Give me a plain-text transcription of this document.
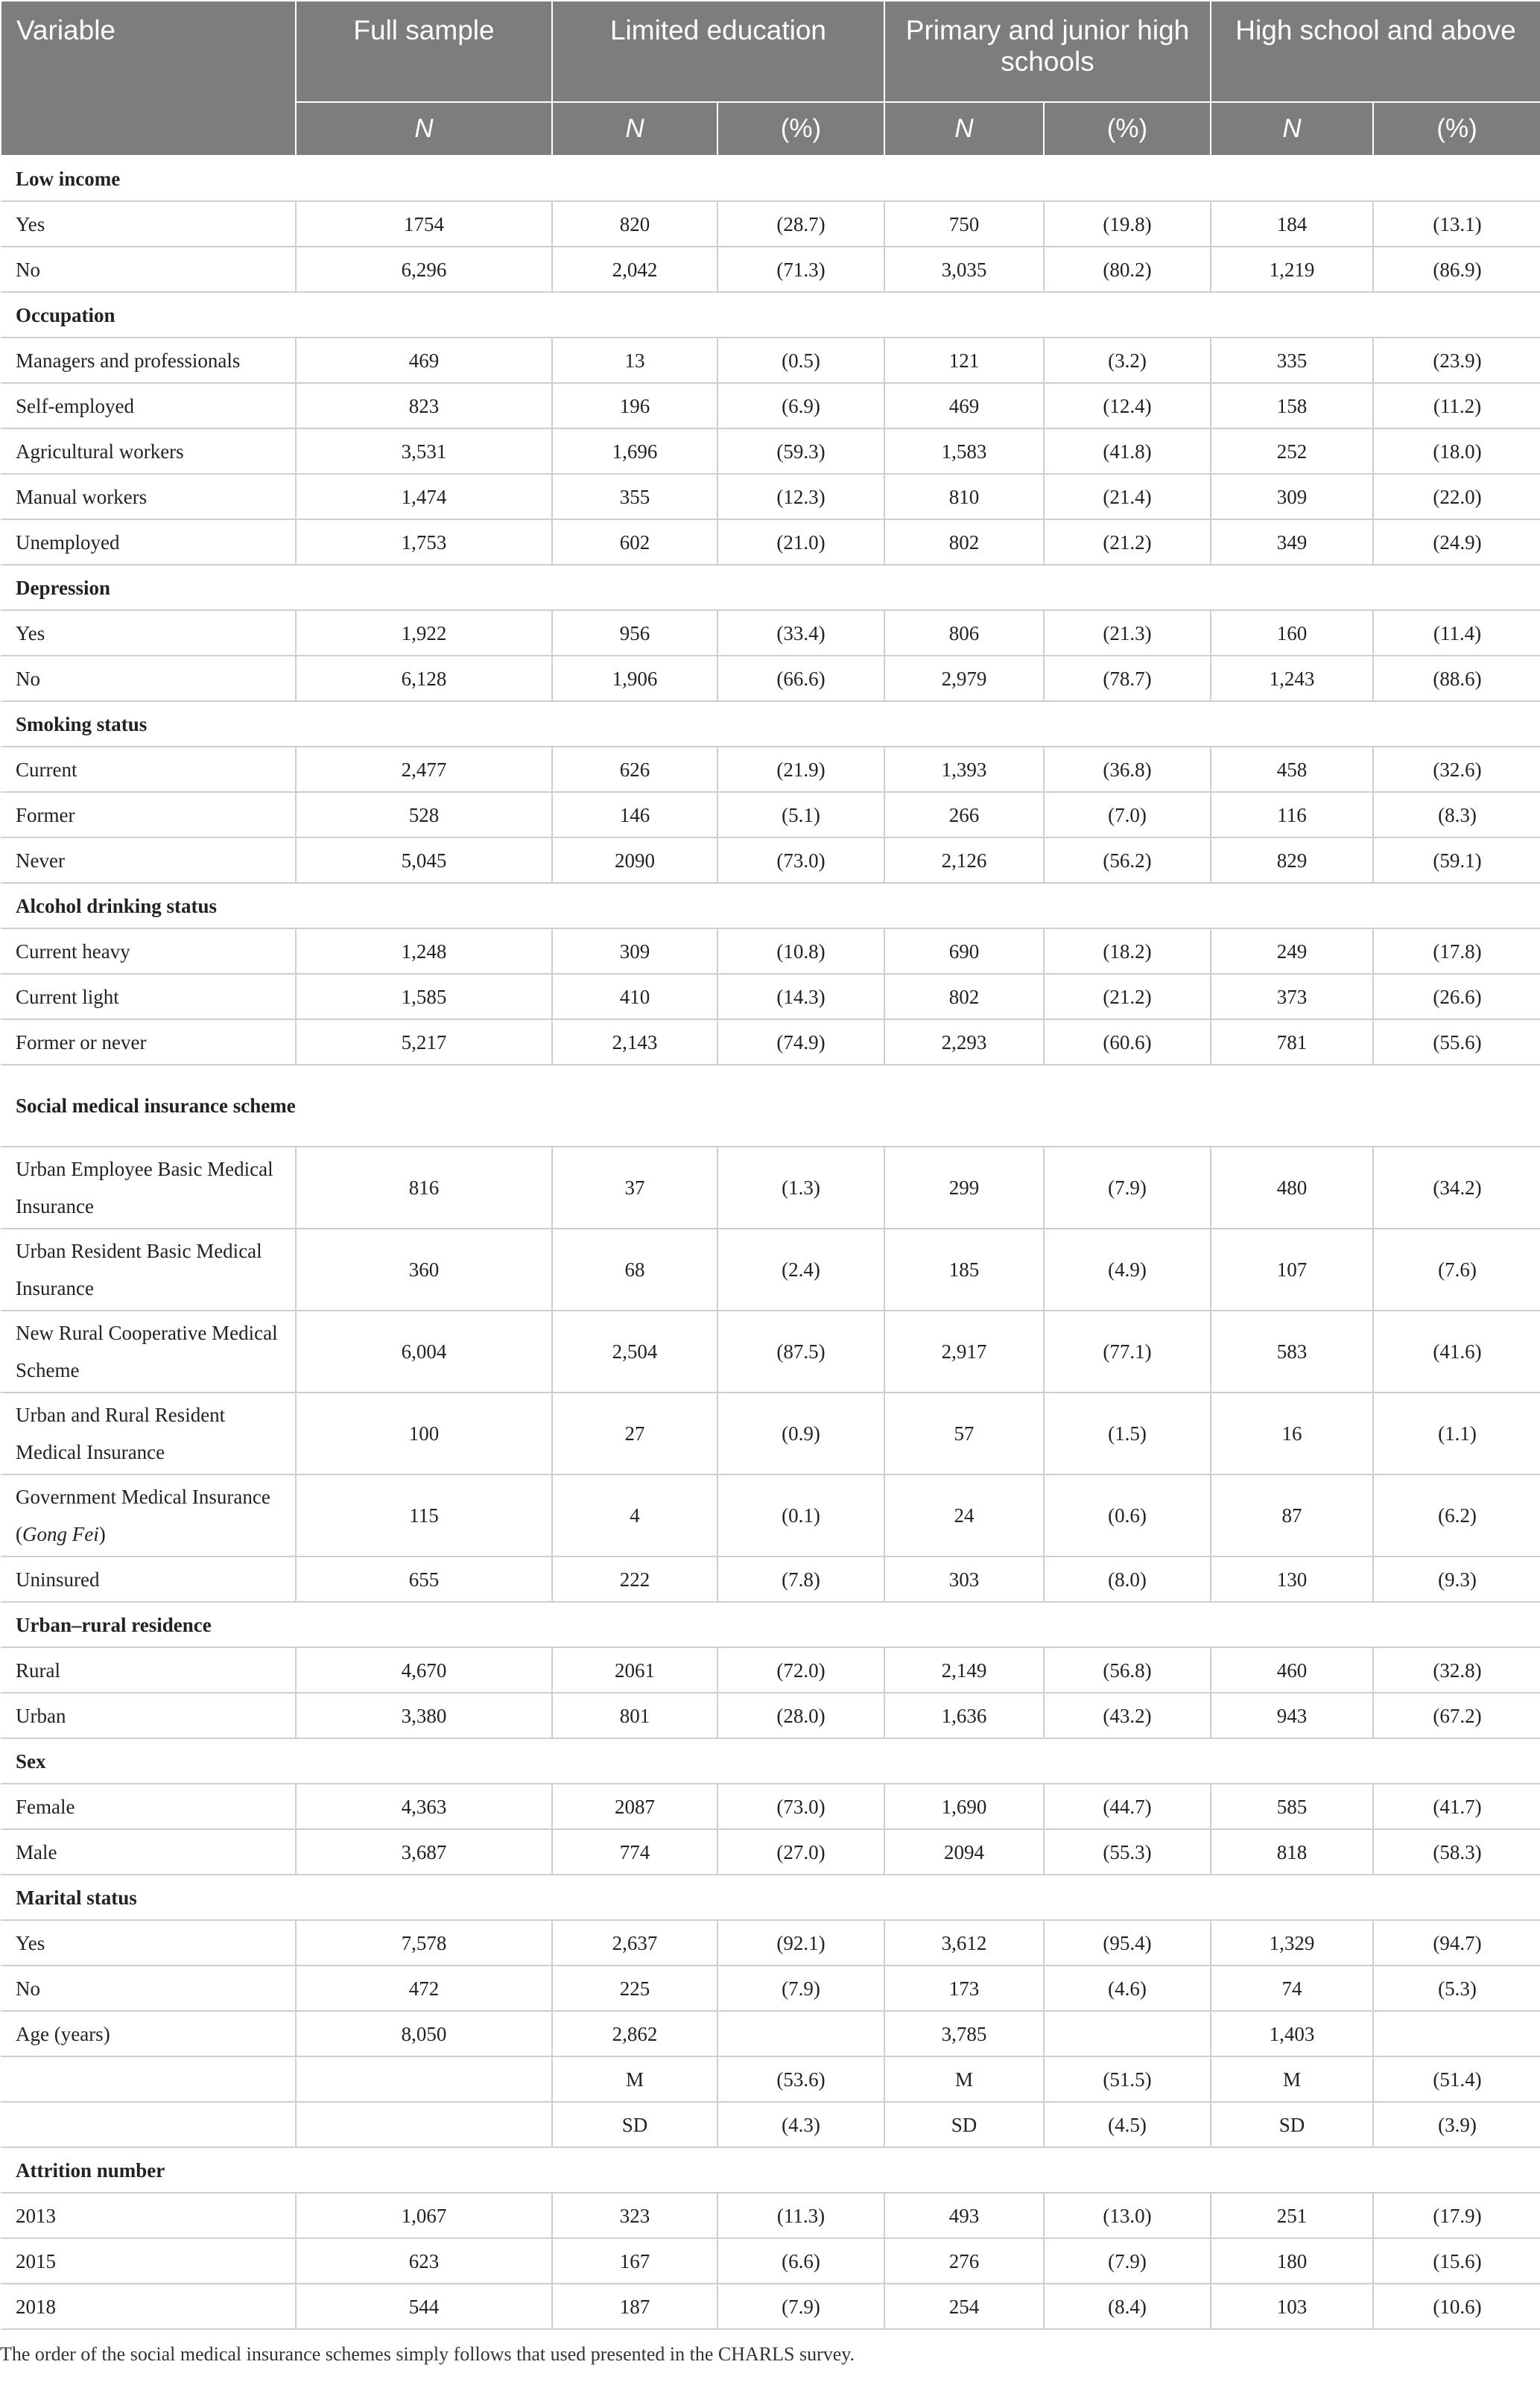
Variable	Full sample	Limited education		Primary and junior high schools		High school and above	
	N	N	(%)	N	(%)	N	(%)
Low income							
Yes	1754	820	(28.7)	750	(19.8)	184	(13.1)
No	6,296	2,042	(71.3)	3,035	(80.2)	1,219	(86.9)
Occupation							
Managers and professionals	469	13	(0.5)	121	(3.2)	335	(23.9)
Self-employed	823	196	(6.9)	469	(12.4)	158	(11.2)
Agricultural workers	3,531	1,696	(59.3)	1,583	(41.8)	252	(18.0)
Manual workers	1,474	355	(12.3)	810	(21.4)	309	(22.0)
Unemployed	1,753	602	(21.0)	802	(21.2)	349	(24.9)
Depression							
Yes	1,922	956	(33.4)	806	(21.3)	160	(11.4)
No	6,128	1,906	(66.6)	2,979	(78.7)	1,243	(88.6)
Smoking status							
Current	2,477	626	(21.9)	1,393	(36.8)	458	(32.6)
Former	528	146	(5.1)	266	(7.0)	116	(8.3)
Never	5,045	2090	(73.0)	2,126	(56.2)	829	(59.1)
Alcohol drinking status							
Current heavy	1,248	309	(10.8)	690	(18.2)	249	(17.8)
Current light	1,585	410	(14.3)	802	(21.2)	373	(26.6)
Former or never	5,217	2,143	(74.9)	2,293	(60.6)	781	(55.6)
Social medical insurance scheme							
Urban Employee Basic Medical Insurance	816	37	(1.3)	299	(7.9)	480	(34.2)
Urban Resident Basic Medical Insurance	360	68	(2.4)	185	(4.9)	107	(7.6)
New Rural Cooperative Medical Scheme	6,004	2,504	(87.5)	2,917	(77.1)	583	(41.6)
Urban and Rural Resident Medical Insurance	100	27	(0.9)	57	(1.5)	16	(1.1)
Government Medical Insurance (Gong Fei)	115	4	(0.1)	24	(0.6)	87	(6.2)
Uninsured	655	222	(7.8)	303	(8.0)	130	(9.3)
Urban–rural residence							
Rural	4,670	2061	(72.0)	2,149	(56.8)	460	(32.8)
Urban	3,380	801	(28.0)	1,636	(43.2)	943	(67.2)
Sex							
Female	4,363	2087	(73.0)	1,690	(44.7)	585	(41.7)
Male	3,687	774	(27.0)	2094	(55.3)	818	(58.3)
Marital status							
Yes	7,578	2,637	(92.1)	3,612	(95.4)	1,329	(94.7)
No	472	225	(7.9)	173	(4.6)	74	(5.3)
Age (years)	8,050	2,862		3,785		1,403	
		M	(53.6)	M	(51.5)	M	(51.4)
		SD	(4.3)	SD	(4.5)	SD	(3.9)
Attrition number							
2013	1,067	323	(11.3)	493	(13.0)	251	(17.9)
2015	623	167	(6.6)	276	(7.9)	180	(15.6)
2018	544	187	(7.9)	254	(8.4)	103	(10.6)
The order of the social medical insurance schemes simply follows that used presented in the CHARLS survey.
